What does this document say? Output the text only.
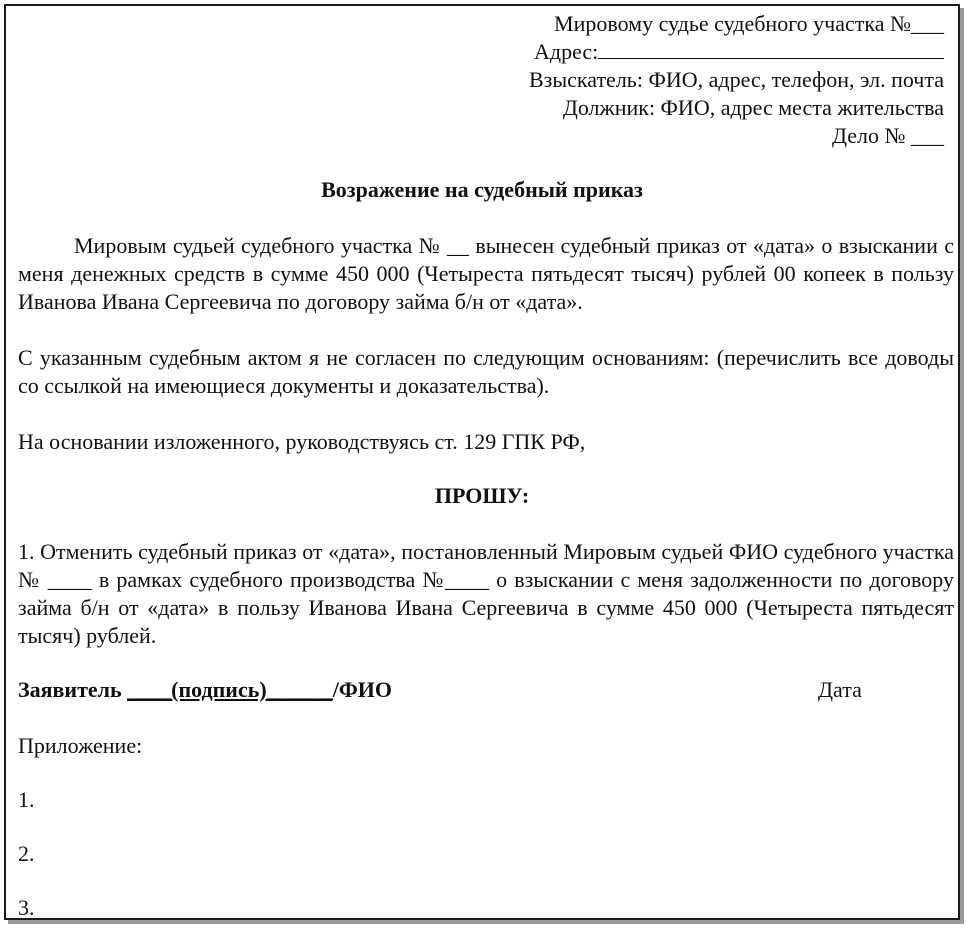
Мировому судье судебного участка №___
Адрес:
Взыскатель: ФИО, адрес, телефон, эл. почта
Должник: ФИО, адрес места жительства
Дело № ___
Возражение на судебный приказ
Мировым судьей судебного участка № __ вынесен судебный приказ от «дата» о взыскании с меня денежных средств в сумме 450 000 (Четыреста пятьдесят тысяч) рублей 00 копеек в пользу Иванова Ивана Сергеевича по договору займа б/н от «дата».
С указанным судебным актом я не согласен по следующим основаниям: (перечислить все доводы со ссылкой на имеющиеся документы и доказательства).
На основании изложенного, руководствуясь ст. 129 ГПК РФ,
ПРОШУ:
1. Отменить судебный приказ от «дата», постановленный Мировым судьей ФИО судебного участка № ____ в рамках судебного производства №____ о взыскании с меня задолженности по договору займа б/н от «дата» в пользу Иванова Ивана Сергеевича в сумме 450 000 (Четыреста пятьдесят тысяч) рублей.
Заявитель ____(подпись)______/ФИО	Дата
Приложение:
1.
2.
3.
